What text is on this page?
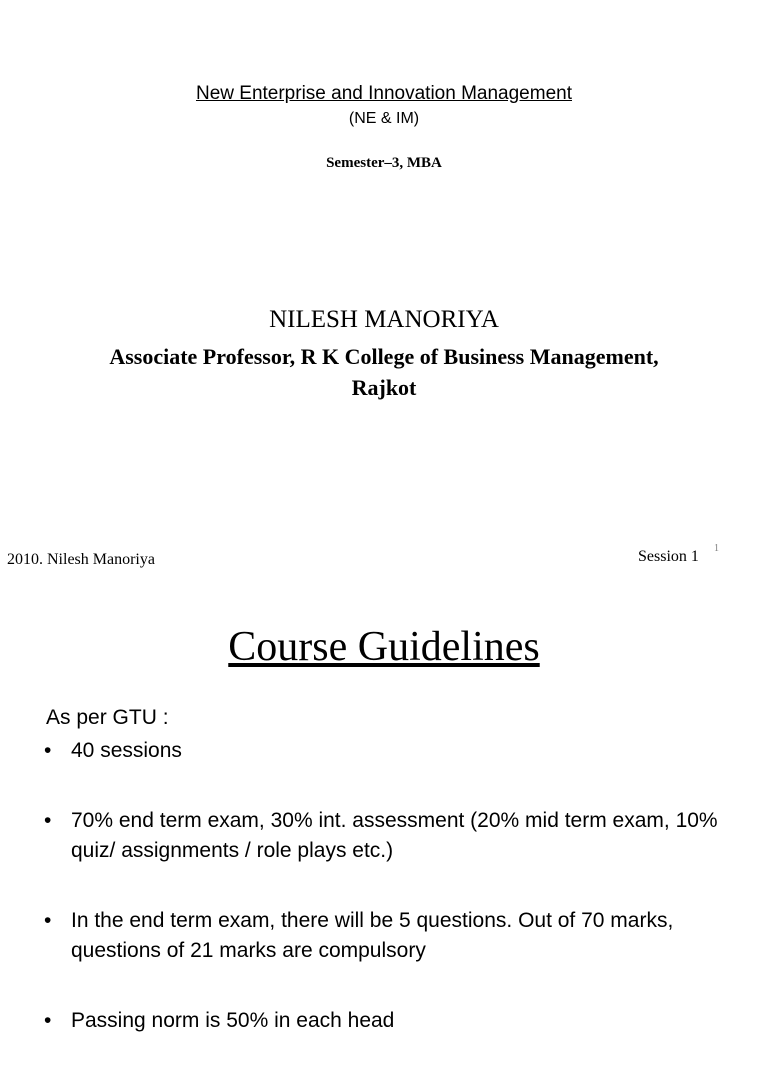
New Enterprise and Innovation Management
(NE & IM)
Semester–3, MBA
NILESH MANORIYA
Associate Professor, R K College of Business Management,
Rajkot
2010. Nilesh Manoriya	Session 1 1
Course Guidelines
As per GTU :
• 40 sessions
• 70% end term exam, 30% int. assessment (20% mid term exam, 10% quiz/ assignments / role plays etc.)
• In the end term exam, there will be 5 questions. Out of 70 marks, questions of 21 marks are compulsory
• Passing norm is 50% in each head
